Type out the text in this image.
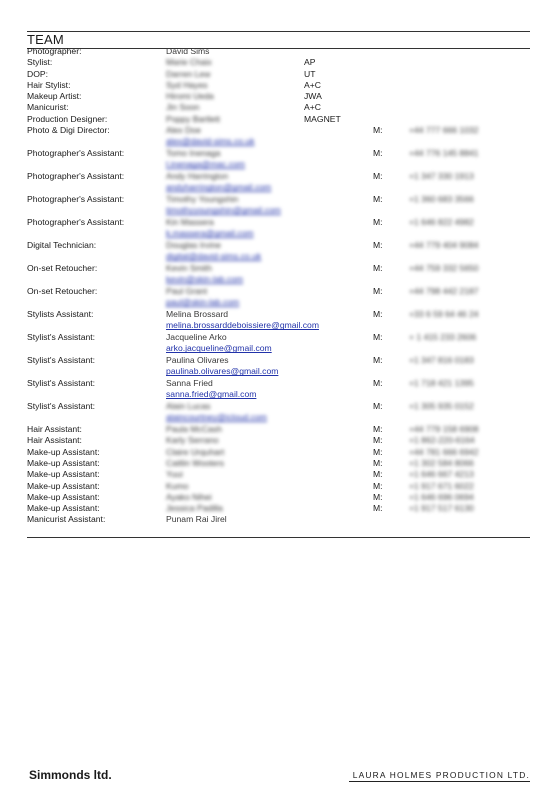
TEAM
Photographer:	David Sims
Stylist:	Marie Chaix	AP
DOP:	Darren Lew	UT
Hair Stylist:	Syd Hayes	A+C
Makeup Artist:	Hiromi Ueda	JWA
Manicurist:	Jin Soon	A+C
Production Designer:	Poppy Bartlett	MAGNET
Photo & Digi Director:	Alex Doe	M:	+44 777 666 1032
alex@david-sims.co.uk
Photographer's Assistant:	Tomo Inenaga	M:	+44 776 145 8841
t.inenaga@mac.com
Photographer's Assistant:	Andy Harrington	M:	+1 347 330 1913
andyharrington@gmail.com
Photographer's Assistant:	Timothy Youngshin	M:	+1 360 683 3566
timothyyoungshin@gmail.com
Photographer's Assistant:	Kin Massera	M:	+1 646 822 4982
k.massera@gmail.com
Digital Technician:	Douglas Irvine	M:	+44 779 404 9084
digital@david-sims.co.uk
On-set Retoucher:	Kevin Smith	M:	+44 759 332 5650
kevin@skin-lab.com
On-set Retoucher:	Paul Grant	M:	+44 798 442 2187
paul@skin-lab.com
Stylists Assistant:	Melina Brossard	M:	+33 6 59 64 46 24
melina.brossarddeboissiere@gmail.com
Stylist's Assistant:	Jacqueline Arko	M:	+ 1 415 233 2606
arko.jacqueline@gmail.com
Stylist's Assistant:	Paulina Olivares	M:	+1 347 816 0183
paulinab.olivares@gmail.com
Stylist's Assistant:	Sanna Fried	M:	+1 718 421 1395
sanna.fried@gmail.com
Stylist's Assistant:	Alain Lucas	M:	+1 305 935 0152
alaincourtney@icloud.com
Hair Assistant:	Paula McCash	M:	+44 779 158 6908
Hair Assistant:	Karly Serrano	M:	+1 862-220-6164
Make-up Assistant:	Claire Urquhart	M:	+44 781 666 6942
Make-up Assistant:	Caitlin Wooters	M:	+1 302 584 8066
Make-up Assistant:	Yuui	M:	+1 646 667 4213
Make-up Assistant:	Kumo	M:	+1 917 671 6022
Make-up Assistant:	Ayako Nihei	M:	+1 646 696 0694
Make-up Assistant:	Jessica Padilla	M:	+1 917 517 6130
Manicurist Assistant:	Punam Rai Jirel
Simmonds ltd.	LAURA HOLMES PRODUCTION LTD.
